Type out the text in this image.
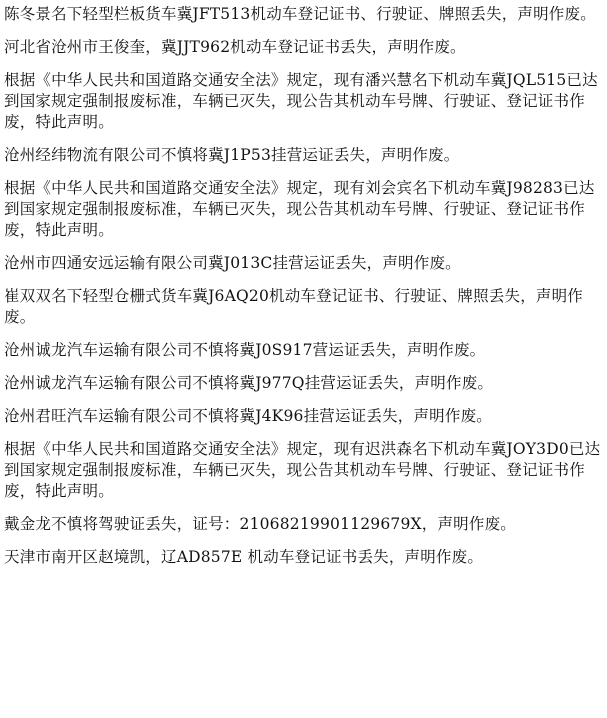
陈冬景名下轻型栏板货车冀JFT513机动车登记证书、行驶证、牌照丢失，声明作废。

河北省沧州市王俊奎，冀JJT962机动车登记证书丢失，声明作废。

根据《中华人民共和国道路交通安全法》规定，现有潘兴慧名下机动车冀JQL515已达到国家规定强制报废标准，车辆已灭失，现公告其机动车号牌、行驶证、登记证书作废，特此声明。

沧州经纬物流有限公司不慎将冀J1P53挂营运证丢失，声明作废。

根据《中华人民共和国道路交通安全法》规定，现有刘会宾名下机动车冀J98283已达到国家规定强制报废标准，车辆已灭失，现公告其机动车号牌、行驶证、登记证书作废，特此声明。

沧州市四通安远运输有限公司冀J013C挂营运证丢失，声明作废。

崔双双名下轻型仓栅式货车冀J6AQ20机动车登记证书、行驶证、牌照丢失，声明作废。

沧州诚龙汽车运输有限公司不慎将冀J0S917营运证丢失，声明作废。

沧州诚龙汽车运输有限公司不慎将冀J977Q挂营运证丢失，声明作废。

沧州君旺汽车运输有限公司不慎将冀J4K96挂营运证丢失，声明作废。

根据《中华人民共和国道路交通安全法》规定，现有迟洪森名下机动车冀JOY3D0已达到国家规定强制报废标准，车辆已灭失，现公告其机动车号牌、行驶证、登记证书作废，特此声明。

戴金龙不慎将驾驶证丢失，证号：2106821990112967​9X，声明作废。

天津市南开区赵境凯，辽AD857E 机动车登记证书丢失，声明作废。
